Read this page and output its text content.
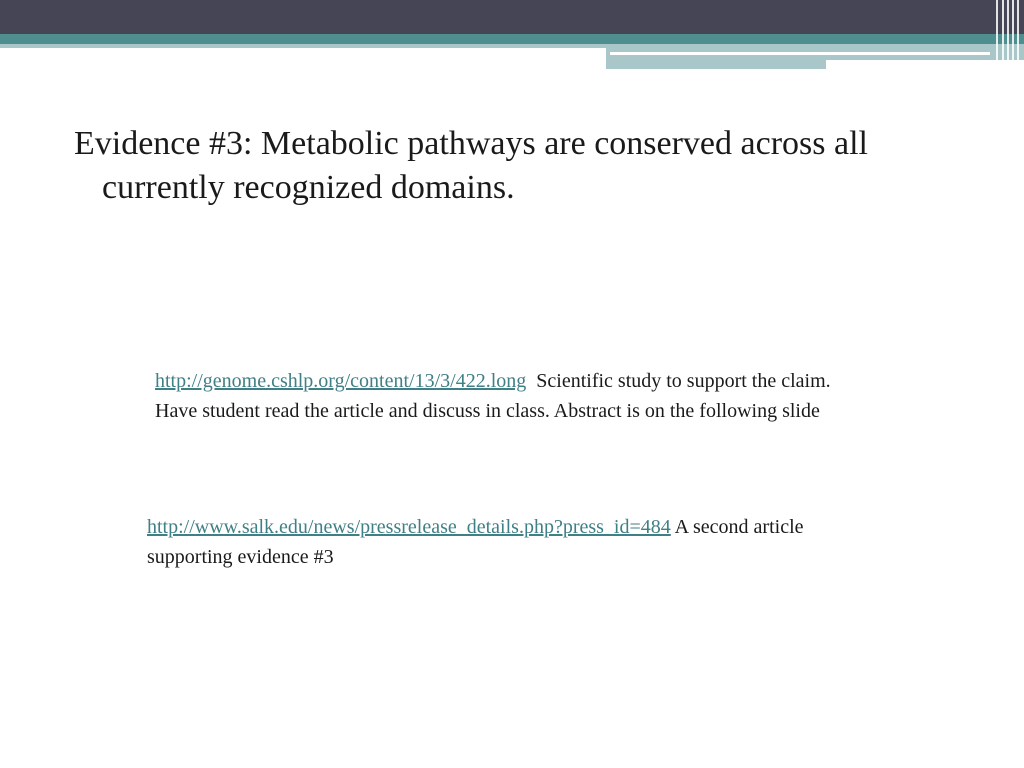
Evidence #3: Metabolic pathways are conserved across all currently recognized domains.
http://genome.cshlp.org/content/13/3/422.long Scientific study to support the claim. Have student read the article and discuss in class. Abstract is on the following slide
http://www.salk.edu/news/pressrelease_details.php?press_id=484 A second article supporting evidence #3
